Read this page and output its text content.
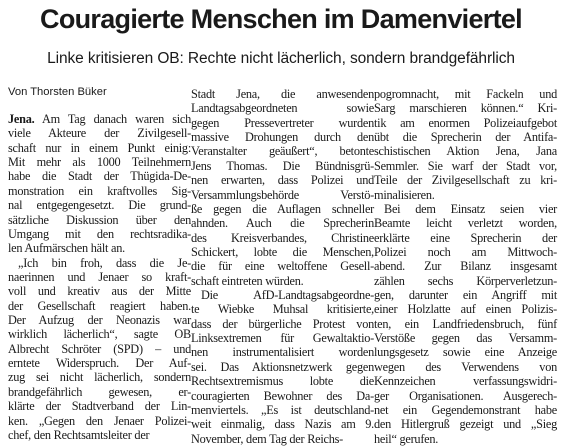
Couragierte Menschen im Damenviertel
Linke kritisieren OB: Rechte nicht lächerlich, sondern brandgefährlich
Von Thorsten Büker
Jena. Am Tag danach waren sich
viele Akteure der Zivilgesell-
schaft nur in einem Punkt einig:
Mit mehr als 1000 Teilnehmern
habe die Stadt der Thügida-De-
monstration ein kraftvolles Sig-
nal entgegengesetzt. Die grund-
sätzliche Diskussion über den
Umgang mit den rechtsradika-
len Aufmärschen hält an.
„Ich bin froh, dass die Je-
naerinnen und Jenaer so kraft-
voll und kreativ aus der Mitte
der Gesellschaft reagiert haben.
Der Aufzug der Neonazis war
wirklich lächerlich“, sagte OB
Albrecht Schröter (SPD) – und
erntete Widerspruch. Der Auf-
zug sei nicht lächerlich, sondern
brandgefährlich gewesen, er-
klärte der Stadtverband der Lin-
ken. „Gegen den Jenaer Polizei-
chef, den Rechtsamtsleiter der
Stadt Jena, die anwesenden
Landtagsabgeordneten sowie
gegen Pressevertreter wurden
massive Drohungen durch den
Veranstalter geäußert“, betonte
Jens Thomas. Die Bündnisgrü-
nen erwarten, dass Polizei und
Versammlungsbehörde Verstö-
ße gegen die Auflagen schneller
ahnden. Auch die Sprecherin
des Kreisverbandes, Christine
Schickert, lobte die Menschen,
die für eine weltoffene Gesell-
schaft eintreten würden.
Die AfD-Landtagsabgeordne-
te Wiebke Muhsal kritisierte,
dass der bürgerliche Protest von
Linksextremen für Gewaltaktio-
nen instrumentalisiert worden
sei. Das Aktionsnetzwerk gegen
Rechtsextremismus lobte die
couragierten Bewohner des Da-
menviertels. „Es ist deutschland-
weit einmalig, dass Nazis am 9.
November, dem Tag der Reichs-
pogromnacht, mit Fackeln und
Sarg marschieren können.“ Kri-
tik am enormen Polizeiaufgebot
übt die Sprecherin der Antifa-
schistischen Aktion Jena, Jana
Semmler. Sie warf der Stadt vor,
Teile der Zivilgesellschaft zu kri-
minalisieren.
Bei dem Einsatz seien vier
Beamte leicht verletzt worden,
erklärte eine Sprecherin der
Polizei noch am Mittwoch-
abend. Zur Bilanz insgesamt
zählen sechs Körperverletzun-
gen, darunter ein Angriff mit
einer Holzlatte auf einen Polizis-
ten, ein Landfriedensbruch, fünf
Verstöße gegen das Versamm-
lungsgesetz sowie eine Anzeige
wegen des Verwendens von
Kennzeichen verfassungswidri-
ger Organisationen. Ausgerech-
net ein Gegendemonstrant habe
den Hitlergruß gezeigt und „Sieg
heil“ gerufen.
